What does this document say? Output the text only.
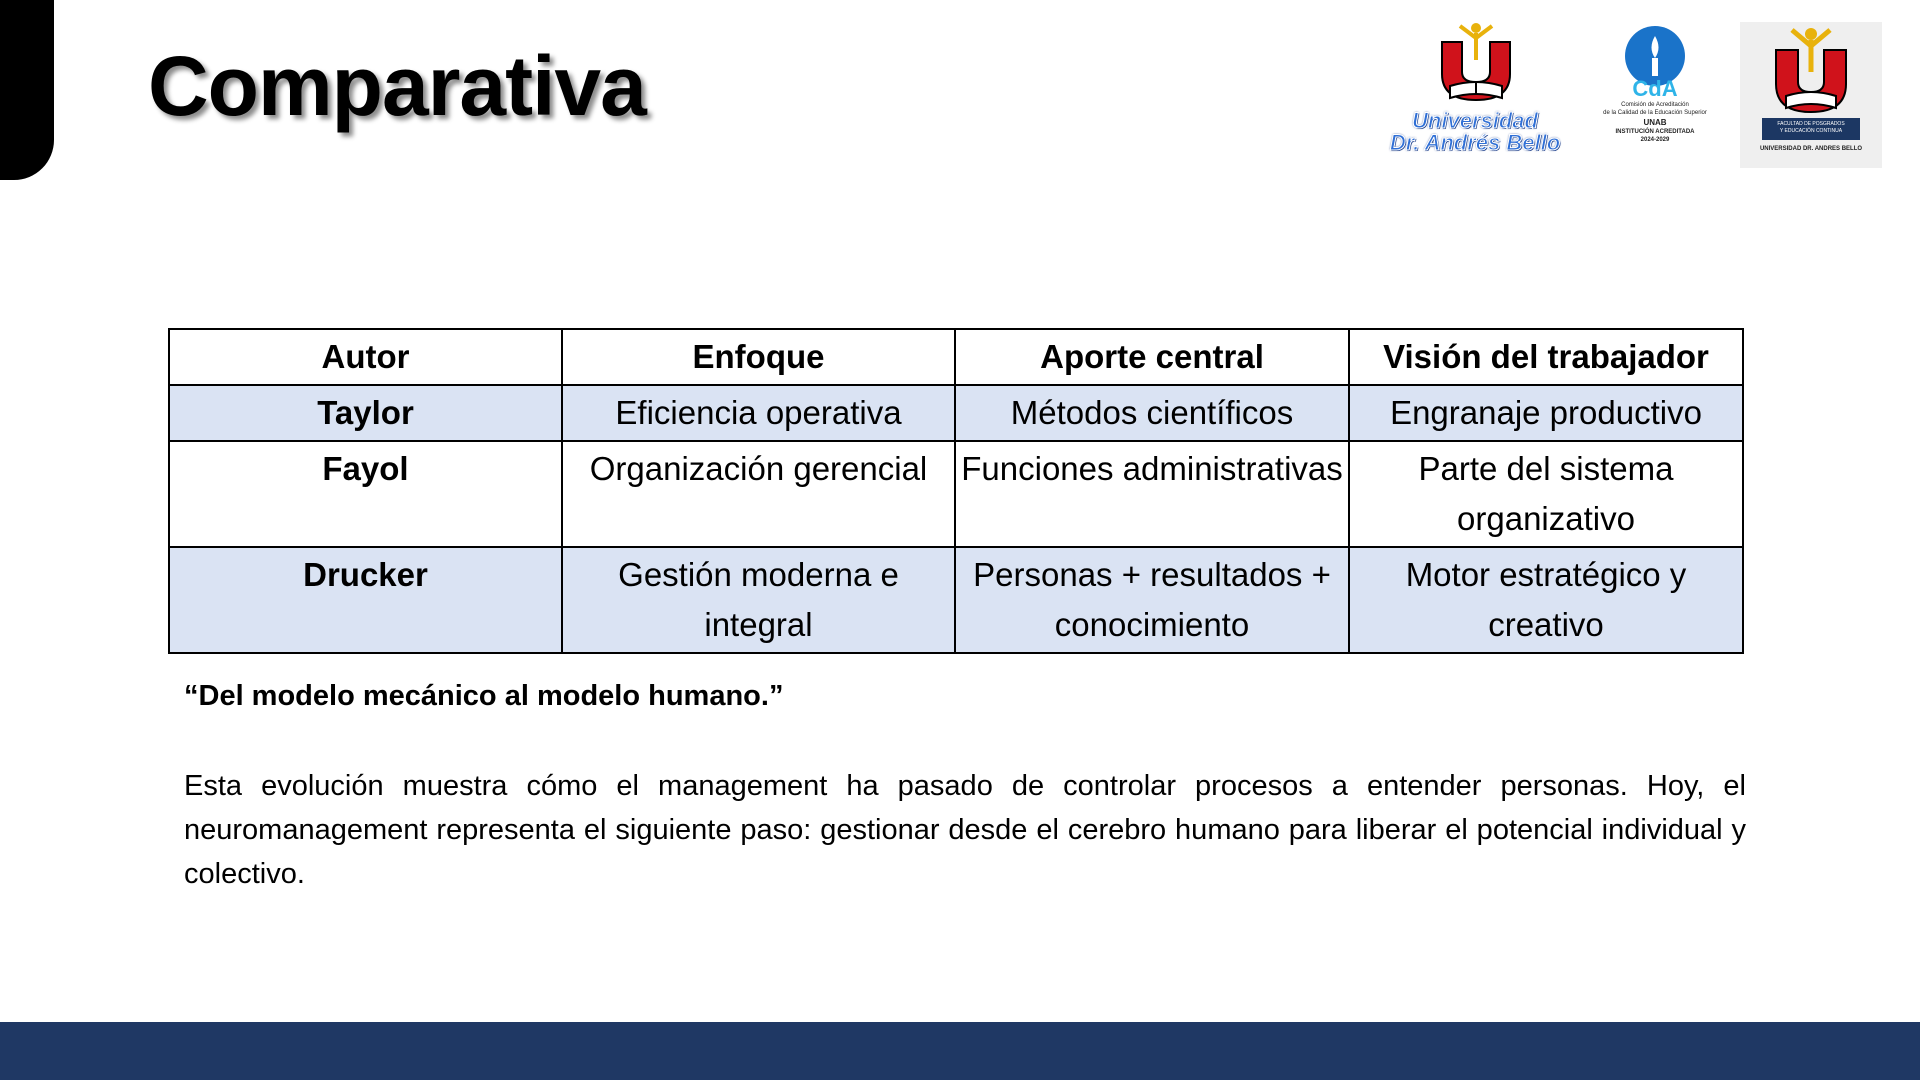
Comparativa	Universidad
Dr. Andrés Bello
CdA
Comisión de Acreditación
de la Calidad de la Educación Superior
UNAB
INSTITUCIÓN ACREDITADA
2024-2029
FACULTAD DE POSGRADOS
Y EDUCACIÓN CONTINUA
UNIVERSIDAD DR. ANDRES BELLO
Autor	Enfoque	Aporte central	Visión del trabajador
Taylor	Eficiencia operativa	Métodos científicos	Engranaje productivo
Fayol	Organización gerencial	Funciones administrativas	Parte del sistema organizativo
Drucker	Gestión moderna e integral	Personas + resultados + conocimiento	Motor estratégico y creativo
“Del modelo mecánico al modelo humano.”
Esta evolución muestra cómo el management ha pasado de controlar procesos a entender personas. Hoy, el neuromanagement representa el siguiente paso: gestionar desde el cerebro humano para liberar el potencial individual y colectivo.
